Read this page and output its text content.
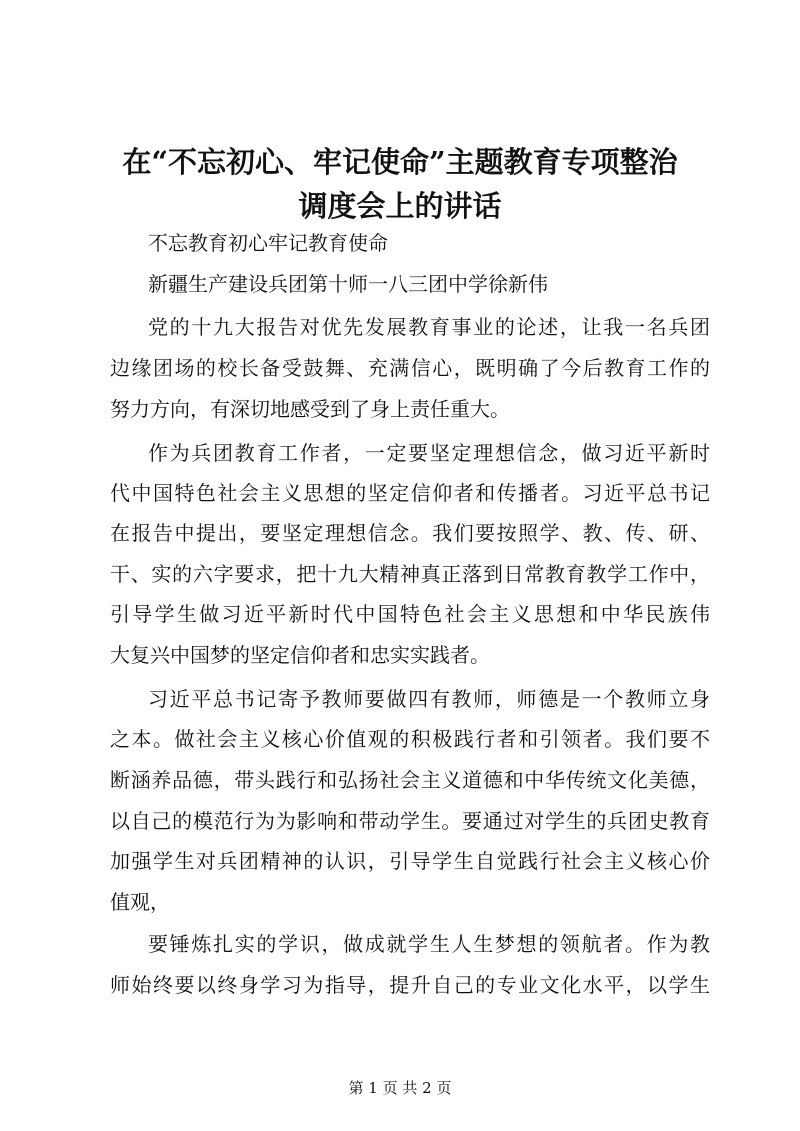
在“不忘初心、牢记使命”主题教育专项整治
调度会上的讲话
不忘教育初心牢记教育使命
新疆生产建设兵团第十师一八三团中学徐新伟
党的十九大报告对优先发展教育事业的论述，让我一名兵团
边缘团场的校长备受鼓舞、充满信心，既明确了今后教育工作的
努力方向，有深切地感受到了身上责任重大。
作为兵团教育工作者，一定要坚定理想信念，做习近平新时
代中国特色社会主义思想的坚定信仰者和传播者。习近平总书记
在报告中提出，要坚定理想信念。我们要按照学、教、传、研、
干、实的六字要求，把十九大精神真正落到日常教育教学工作中，
引导学生做习近平新时代中国特色社会主义思想和中华民族伟
大复兴中国梦的坚定信仰者和忠实实践者。
习近平总书记寄予教师要做四有教师，师德是一个教师立身
之本。做社会主义核心价值观的积极践行者和引领者。我们要不
断涵养品德，带头践行和弘扬社会主义道德和中华传统文化美德，
以自己的模范行为为影响和带动学生。要通过对学生的兵团史教育
加强学生对兵团精神的认识，引导学生自觉践行社会主义核心价
值观，
要锤炼扎实的学识，做成就学生人生梦想的领航者。作为教
师始终要以终身学习为指导，提升自己的专业文化水平，以学生
第 1 页 共 2 页
